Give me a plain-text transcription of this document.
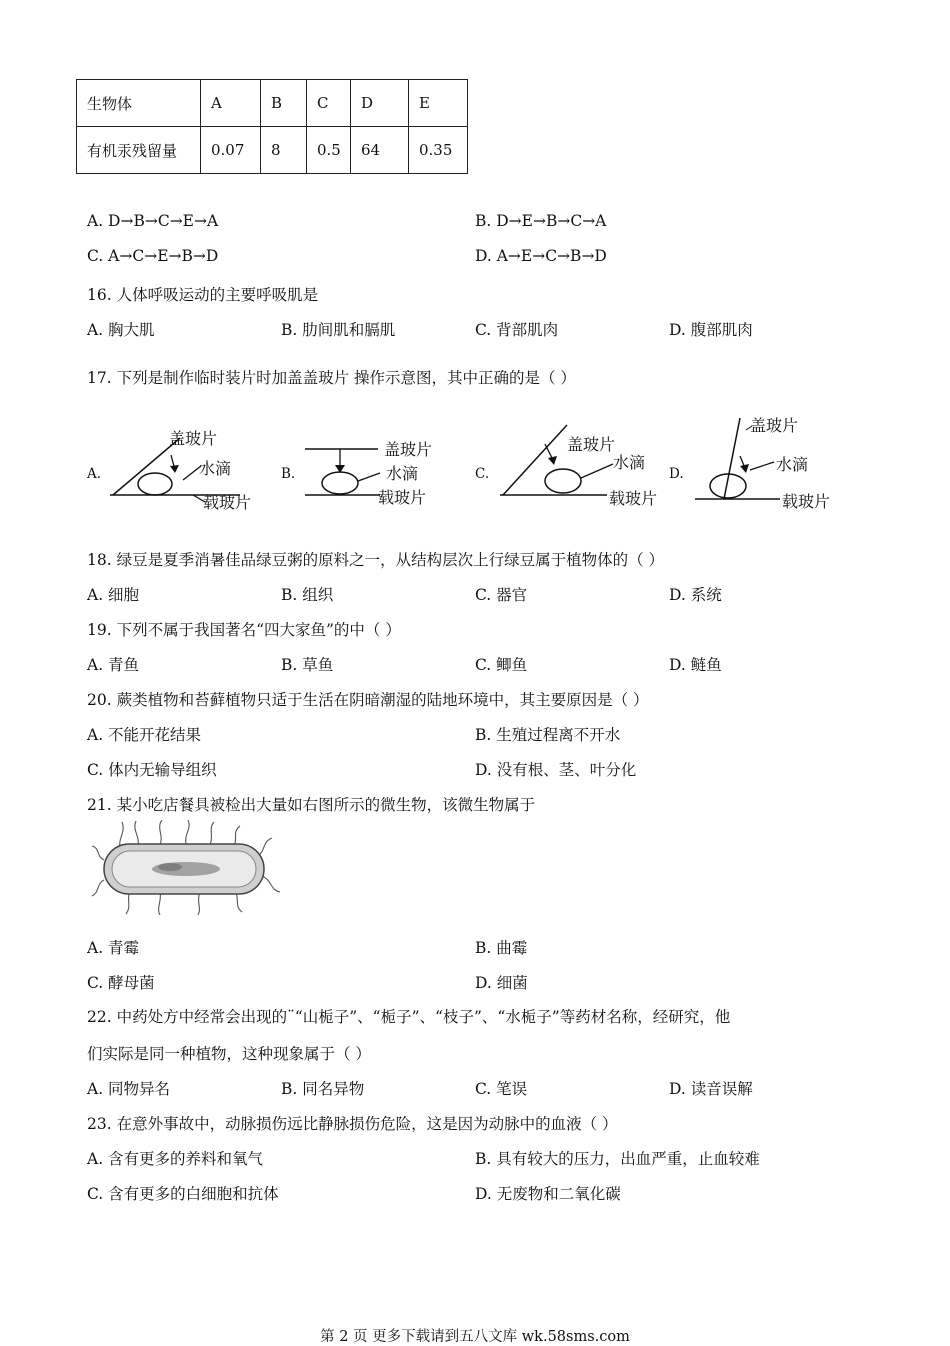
生物体	A	B	C	D	E
有机汞残留量	0.07	8	0.5	64	0.35
A. D→B→C→E→A	B. D→E→B→C→A
C. A→C→E→B→D	D. A→E→C→B→D
16. 人体呼吸运动的主要呼吸肌是
A. 胸大肌	B. 肋间肌和膈肌	C. 背部肌肉	D. 腹部肌肉
17. 下列是制作临时装片时加盖盖玻片 操作示意图，其中正确的是（ ）
A.	B.	C.	D.
盖玻片
水滴
载玻片
盖玻片
水滴
载玻片
盖玻片
水滴
载玻片
盖玻片
水滴
载玻片
18. 绿豆是夏季消暑佳品绿豆粥的原料之一，从结构层次上行绿豆属于植物体的（ ）
A. 细胞	B. 组织	C. 器官	D. 系统
19. 下列不属于我国著名“四大家鱼”的中（ ）
A. 青鱼	B. 草鱼	C. 鲫鱼	D. 鲢鱼
20. 蕨类植物和苔藓植物只适于生活在阴暗潮湿的陆地环境中，其主要原因是（ ）
A. 不能开花结果	B. 生殖过程离不开水
C. 体内无输导组织	D. 没有根、茎、叶分化
21. 某小吃店餐具被检出大量如右图所示的微生物，该微生物属于
A. 青霉	B. 曲霉
C. 酵母菌	D. 细菌
22. 中药处方中经常会出现的¨“山栀子”、“栀子”、“枝子”、“水栀子”等药材名称，经研究，他
们实际是同一种植物，这种现象属于（ ）
A. 同物异名	B. 同名异物	C. 笔误	D. 读音误解
23. 在意外事故中，动脉损伤远比静脉损伤危险，这是因为动脉中的血液（ ）
A. 含有更多的养料和氧气	B. 具有较大的压力，出血严重，止血较难
C. 含有更多的白细胞和抗体	D. 无废物和二氧化碳
第 2 页 更多下载请到五八文库 wk.58sms.com
